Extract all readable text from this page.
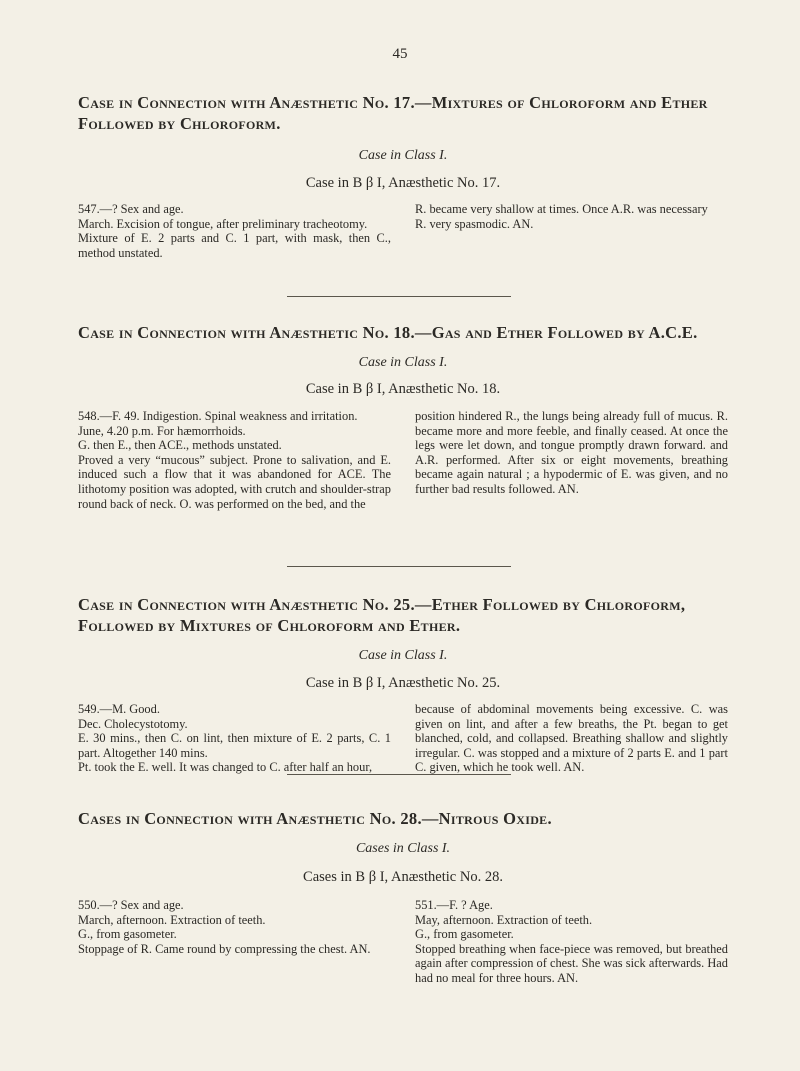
45
Case in Connection with Anæsthetic No. 17.—Mixtures of Chloroform and Ether
Followed by Chloroform.

Case in Class I.

Case in B β I, Anæsthetic No. 17.

547.—? Sex and age.

March. Excision of tongue, after preliminary tracheotomy.

Mixture of E. 2 parts and C. 1 part, with mask, then C., method unstated.

R. became very shallow at times. Once A.R. was necessary

R. very spasmodic. AN.

Case in Connection with Anæsthetic No. 18.—Gas and Ether Followed by A.C.E.

Case in Class I.

Case in B β I, Anæsthetic No. 18.

548.—F. 49. Indigestion. Spinal weakness and irritation.

June, 4.20 p.m. For hæmorrhoids.

G. then E., then ACE., methods unstated.

Proved a very “mucous” subject. Prone to salivation, and E. induced such a flow that it was abandoned for ACE. The lithotomy position was adopted, with crutch and shoulder-strap round back of neck. O. was performed on the bed, and the

position hindered R., the lungs being already full of mucus. R. became more and more feeble, and finally ceased. At once the legs were let down, and tongue promptly drawn forward. and A.R. performed. After six or eight movements, breathing became again natural ; a hypodermic of E. was given, and no further bad results followed. AN.

Case in Connection with Anæsthetic No. 25.—Ether Followed by Chloroform,
Followed by Mixtures of Chloroform and Ether.

Case in Class I.

Case in B β I, Anæsthetic No. 25.

549.—M. Good.

Dec. Cholecystotomy.

E. 30 mins., then C. on lint, then mixture of E. 2 parts, C. 1 part. Altogether 140 mins.

Pt. took the E. well. It was changed to C. after half an hour,

because of abdominal movements being excessive. C. was given on lint, and after a few breaths, the Pt. began to get blanched, cold, and collapsed. Breathing shallow and slightly irregular. C. was stopped and a mixture of 2 parts E. and 1 part C. given, which he took well. AN.

Cases in Connection with Anæsthetic No. 28.—Nitrous Oxide.

Cases in Class I.

Cases in B β I, Anæsthetic No. 28.

550.—? Sex and age.

March, afternoon. Extraction of teeth.

G., from gasometer.

Stoppage of R. Came round by compressing the chest. AN.

551.—F. ? Age.

May, afternoon. Extraction of teeth.

G., from gasometer.

Stopped breathing when face-piece was removed, but breathed again after compression of chest. She was sick afterwards. Had had no meal for three hours. AN.
